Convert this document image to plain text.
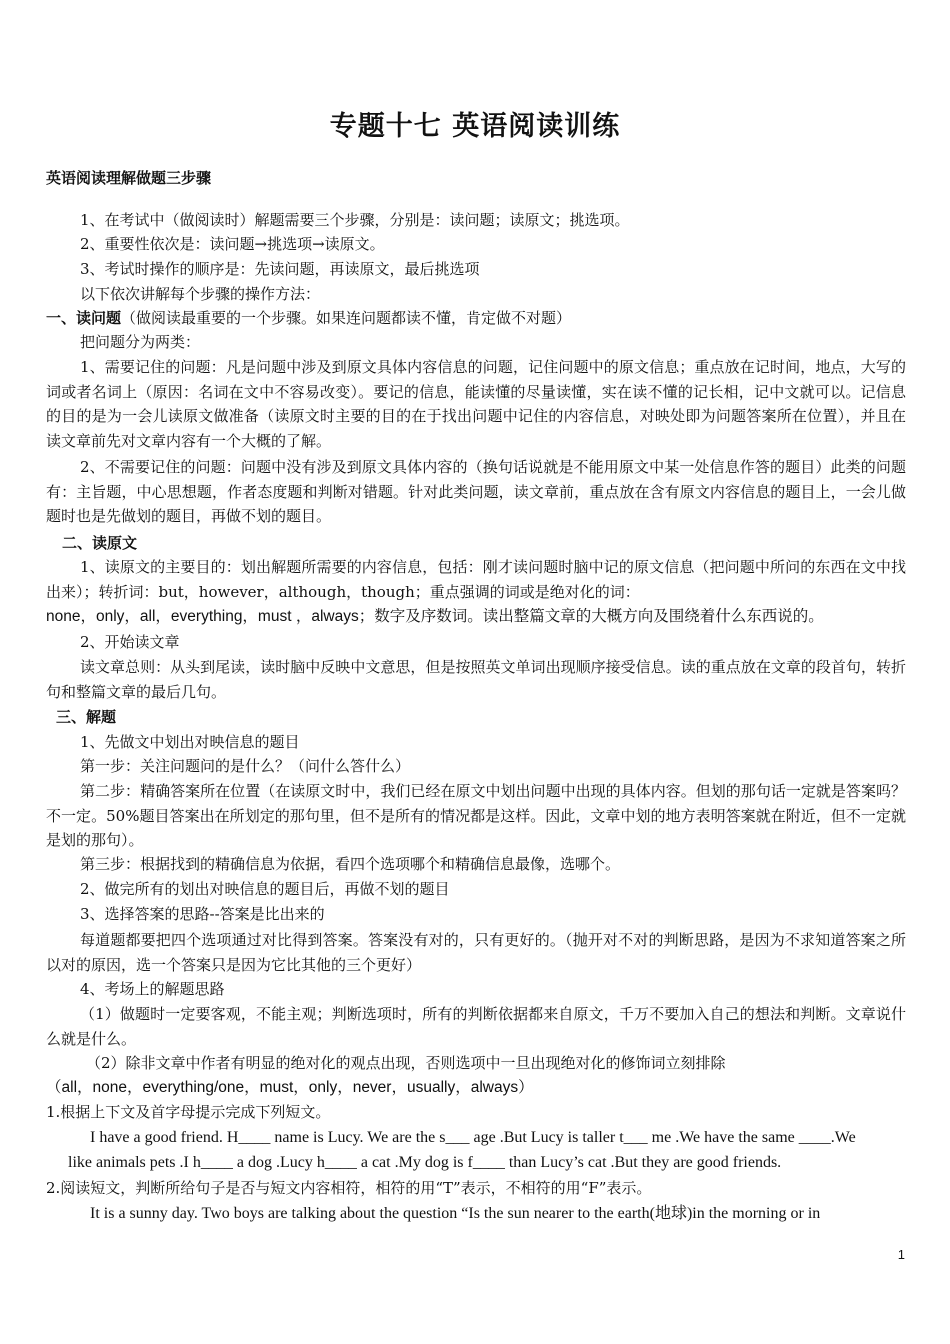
专题十七 英语阅读训练
英语阅读理解做题三步骤
1、在考试中（做阅读时）解题需要三个步骤，分别是：读问题；读原文；挑选项。
2、重要性依次是：读问题→挑选项→读原文。
3、考试时操作的顺序是：先读问题，再读原文，最后挑选项
以下依次讲解每个步骤的操作方法：
一、读问题（做阅读最重要的一个步骤。如果连问题都读不懂，肯定做不对题）
把问题分为两类：
1、需要记住的问题：凡是问题中涉及到原文具体内容信息的问题，记住问题中的原文信息；重点放在记时间，地点，大写的词或者名词上（原因：名词在文中不容易改变）。要记的信息，能读懂的尽量读懂，实在读不懂的记长相，记中文就可以。记信息的目的是为一会儿读原文做准备（读原文时主要的目的在于找出问题中记住的内容信息，对映处即为问题答案所在位置），并且在读文章前先对文章内容有一个大概的了解。
2、不需要记住的问题：问题中没有涉及到原文具体内容的（换句话说就是不能用原文中某一处信息作答的题目）此类的问题有：主旨题，中心思想题，作者态度题和判断对错题。针对此类问题，读文章前，重点放在含有原文内容信息的题目上，一会儿做题时也是先做划的题目，再做不划的题目。
二、读原文
1、读原文的主要目的：划出解题所需要的内容信息，包括：刚才读问题时脑中记的原文信息（把问题中所问的东西在文中找出来）；转折词：but，however，although，though；重点强调的词或是绝对化的词：
none，only，all，everything，must ，always；数字及序数词。读出整篇文章的大概方向及围绕着什么东西说的。
2、开始读文章
读文章总则：从头到尾读，读时脑中反映中文意思，但是按照英文单词出现顺序接受信息。读的重点放在文章的段首句，转折句和整篇文章的最后几句。
三、解题
1、先做文中划出对映信息的题目
第一步：关注问题问的是什么？（问什么答什么）
第二步：精确答案所在位置（在读原文时中，我们已经在原文中划出问题中出现的具体内容。但划的那句话一定就是答案吗？不一定。50%题目答案出在所划定的那句里，但不是所有的情况都是这样。因此，文章中划的地方表明答案就在附近，但不一定就是划的那句）。
第三步：根据找到的精确信息为依据，看四个选项哪个和精确信息最像，选哪个。
2、做完所有的划出对映信息的题目后，再做不划的题目
3、选择答案的思路--答案是比出来的
每道题都要把四个选项通过对比得到答案。答案没有对的，只有更好的。（抛开对不对的判断思路，是因为不求知道答案之所以对的原因，选一个答案只是因为它比其他的三个更好）
4、考场上的解题思路
（1）做题时一定要客观，不能主观；判断选项时，所有的判断依据都来自原文，千万不要加入自己的想法和判断。文章说什么就是什么。
（2）除非文章中作者有明显的绝对化的观点出现，否则选项中一旦出现绝对化的修饰词立刻排除
（all，none，everything/one，must，only，never，usually，always）
1.根据上下文及首字母提示完成下列短文。
I have a good friend. H____ name is Lucy. We are the s___ age .But Lucy is taller t___ me .We have the same ____.We
like animals pets .I h____ a dog .Lucy h____ a cat .My dog is f____ than Lucy’s cat .But they are good friends.
2.阅读短文，判断所给句子是否与短文内容相符，相符的用“T”表示，不相符的用“F”表示。
It is a sunny day. Two boys are talking about the question “Is the sun nearer to the earth(地球)in the morning or in
1
